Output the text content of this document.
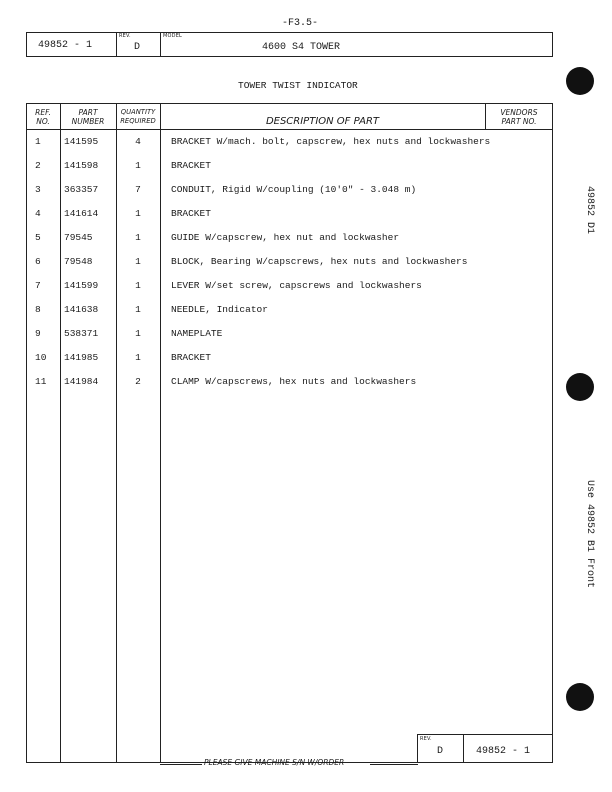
-F3.5-
49852 - 1
REV.
D
MODEL
4600 S4 TOWER
TOWER TWIST INDICATOR
REF.
NO.
PART
NUMBER
QUANTITY
REQUIRED	DESCRIPTION OF PART
VENDORS
PART NO.
1 141595	4	BRACKET W/mach. bolt, capscrew, hex nuts and lockwashers
2 141598	1	BRACKET
3 363357	7	CONDUIT, Rigid W/coupling (10'0" - 3.048 m)
4 141614	1	BRACKET
5 79545	1	GUIDE W/capscrew, hex nut and lockwasher
6 79548	1	BLOCK, Bearing W/capscrews, hex nuts and lockwashers
7 141599	1	LEVER W/set screw, capscrews and lockwashers
8 141638	1	NEEDLE, Indicator
9 538371	1	NAMEPLATE
10 141985	1	BRACKET
11 141984	2	CLAMP W/capscrews, hex nuts and lockwashers
REV.
D	49852 - 1
PLEASE GIVE MACHINE S/N W/ORDER
49852 D1
Use 49852 B1 Front
